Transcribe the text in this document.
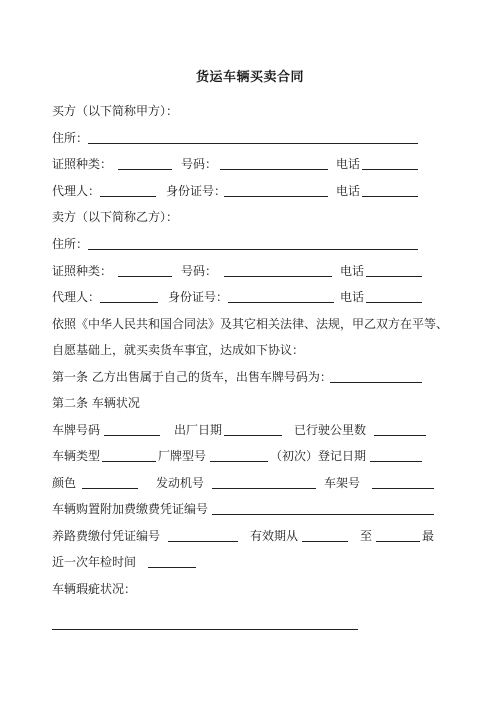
货运车辆买卖合同
买方（以下简称甲方）：
住所：
证照种类：	号码：	电话
代理人：	身份证号：	电话
卖方（以下简称乙方）：
住所：
证照种类：	号码：	电话
代理人：	身份证号：	电话
依照《中华人民共和国合同法》及其它相关法律、法规，甲乙双方在平等、
自愿基础上，就买卖货车事宜，达成如下协议：
第一条 乙方出售属于自己的货车，出售车牌号码为：
第二条 车辆状况
车牌号码	出厂日期	已行驶公里数
车辆类型	厂牌型号	（初次）登记日期
颜色	发动机号	车架号
车辆购置附加费缴费凭证编号
养路费缴付凭证编号	有效期从	至	最
近一次年检时间
车辆瑕疵状况：
